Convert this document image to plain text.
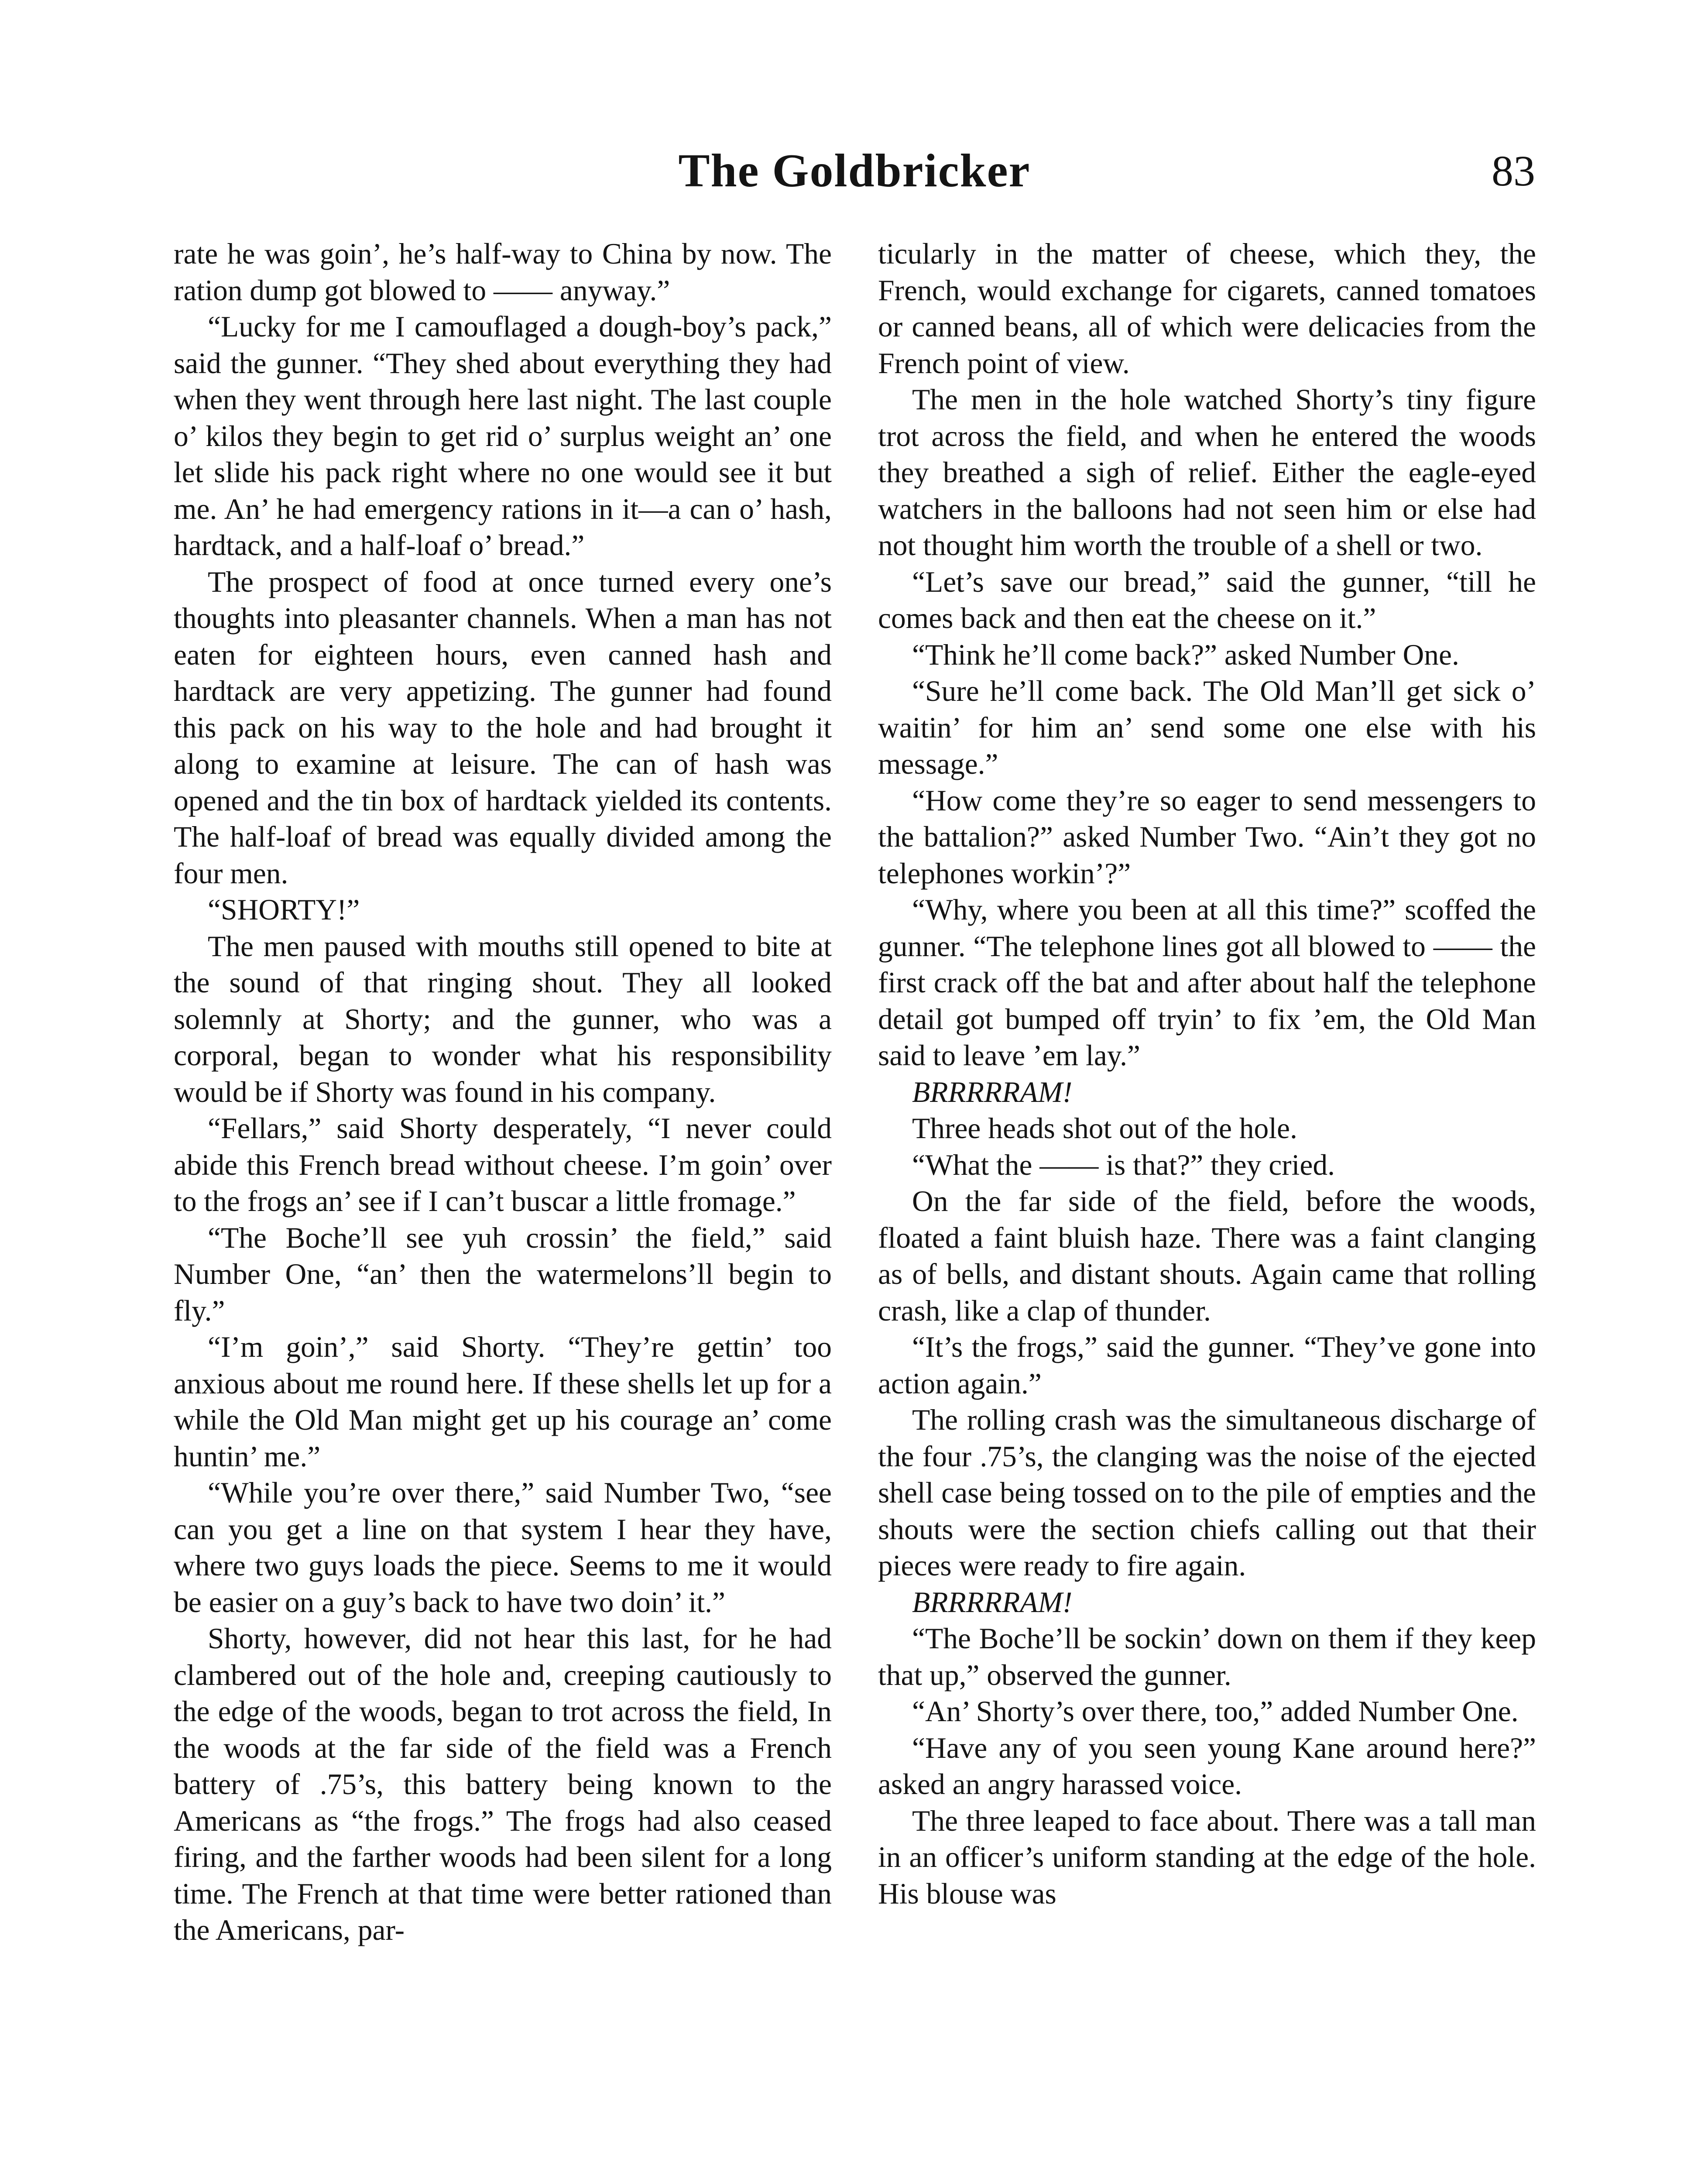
The Goldbricker	83

rate he was goin’, he’s half-way to China by now. The ration dump got blowed to —— anyway.”

“Lucky for me I camouflaged a dough-boy’s pack,” said the gunner. “They shed about everything they had when they went through here last night. The last couple o’ kilos they begin to get rid o’ surplus weight an’ one let slide his pack right where no one would see it but me. An’ he had emergency rations in it—a can o’ hash, hardtack, and a half-loaf o’ bread.”

The prospect of food at once turned every one’s thoughts into pleasanter channels. When a man has not eaten for eighteen hours, even canned hash and hardtack are very appetizing. The gunner had found this pack on his way to the hole and had brought it along to examine at leisure. The can of hash was opened and the tin box of hardtack yielded its contents. The half-loaf of bread was equally divided among the four men.

“SHORTY!”

The men paused with mouths still opened to bite at the sound of that ringing shout. They all looked solemnly at Shorty; and the gunner, who was a corporal, began to wonder what his responsibility would be if Shorty was found in his company.

“Fellars,” said Shorty desperately, “I never could abide this French bread without cheese. I’m goin’ over to the frogs an’ see if I can’t buscar a little fromage.”

“The Boche’ll see yuh crossin’ the field,” said Number One, “an’ then the watermelons’ll begin to fly.”

“I’m goin’,” said Shorty. “They’re gettin’ too anxious about me round here. If these shells let up for a while the Old Man might get up his courage an’ come huntin’ me.”

“While you’re over there,” said Number Two, “see can you get a line on that system I hear they have, where two guys loads the piece. Seems to me it would be easier on a guy’s back to have two doin’ it.”

Shorty, however, did not hear this last, for he had clambered out of the hole and, creeping cautiously to the edge of the woods, began to trot across the field, In the woods at the far side of the field was a French battery of .75’s, this battery being known to the Americans as “the frogs.” The frogs had also ceased firing, and the farther woods had been silent for a long time. The French at that time were better rationed than the Americans, par-

ticularly in the matter of cheese, which they, the French, would exchange for cigarets, canned tomatoes or canned beans, all of which were delicacies from the French point of view.

The men in the hole watched Shorty’s tiny figure trot across the field, and when he entered the woods they breathed a sigh of relief. Either the eagle-eyed watchers in the balloons had not seen him or else had not thought him worth the trouble of a shell or two.

“Let’s save our bread,” said the gunner, “till he comes back and then eat the cheese on it.”

“Think he’ll come back?” asked Number One.

“Sure he’ll come back. The Old Man’ll get sick o’ waitin’ for him an’ send some one else with his message.”

“How come they’re so eager to send messengers to the battalion?” asked Number Two. “Ain’t they got no telephones workin’?”

“Why, where you been at all this time?” scoffed the gunner. “The telephone lines got all blowed to —— the first crack off the bat and after about half the telephone detail got bumped off tryin’ to fix ’em, the Old Man said to leave ’em lay.”

BRRRRRAM!

Three heads shot out of the hole.

“What the —— is that?” they cried.

On the far side of the field, before the woods, floated a faint bluish haze. There was a faint clanging as of bells, and distant shouts. Again came that rolling crash, like a clap of thunder.

“It’s the frogs,” said the gunner. “They’ve gone into action again.”

The rolling crash was the simultaneous discharge of the four .75’s, the clanging was the noise of the ejected shell case being tossed on to the pile of empties and the shouts were the section chiefs calling out that their pieces were ready to fire again.

BRRRRRAM!

“The Boche’ll be sockin’ down on them if they keep that up,” observed the gunner.

“An’ Shorty’s over there, too,” added Number One.

“Have any of you seen young Kane around here?” asked an angry harassed voice.

The three leaped to face about. There was a tall man in an officer’s uniform standing at the edge of the hole. His blouse was
